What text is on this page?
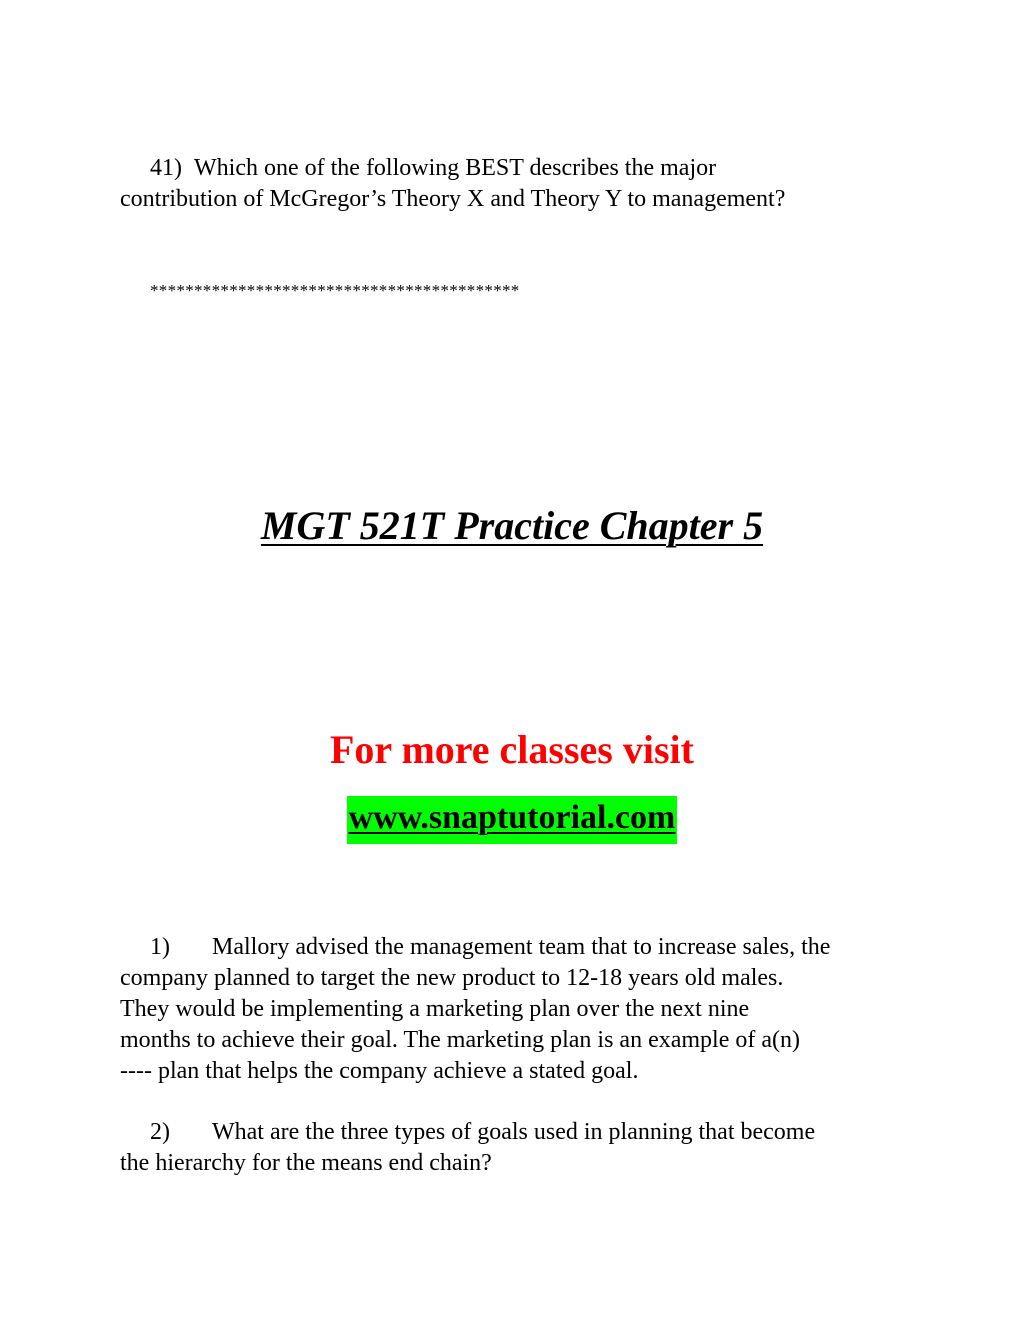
41) Which one of the following BEST describes the major
contribution of McGregor’s Theory X and Theory Y to management?

******************************************

MGT 521T Practice Chapter 5

For more classes visit

www.snaptutorial.com

1) Mallory advised the management team that to increase sales, the
company planned to target the new product to 12-18 years old males.
They would be implementing a marketing plan over the next nine
months to achieve their goal. The marketing plan is an example of a(n)
---- plan that helps the company achieve a stated goal.
2) What are the three types of goals used in planning that become
the hierarchy for the means end chain?
